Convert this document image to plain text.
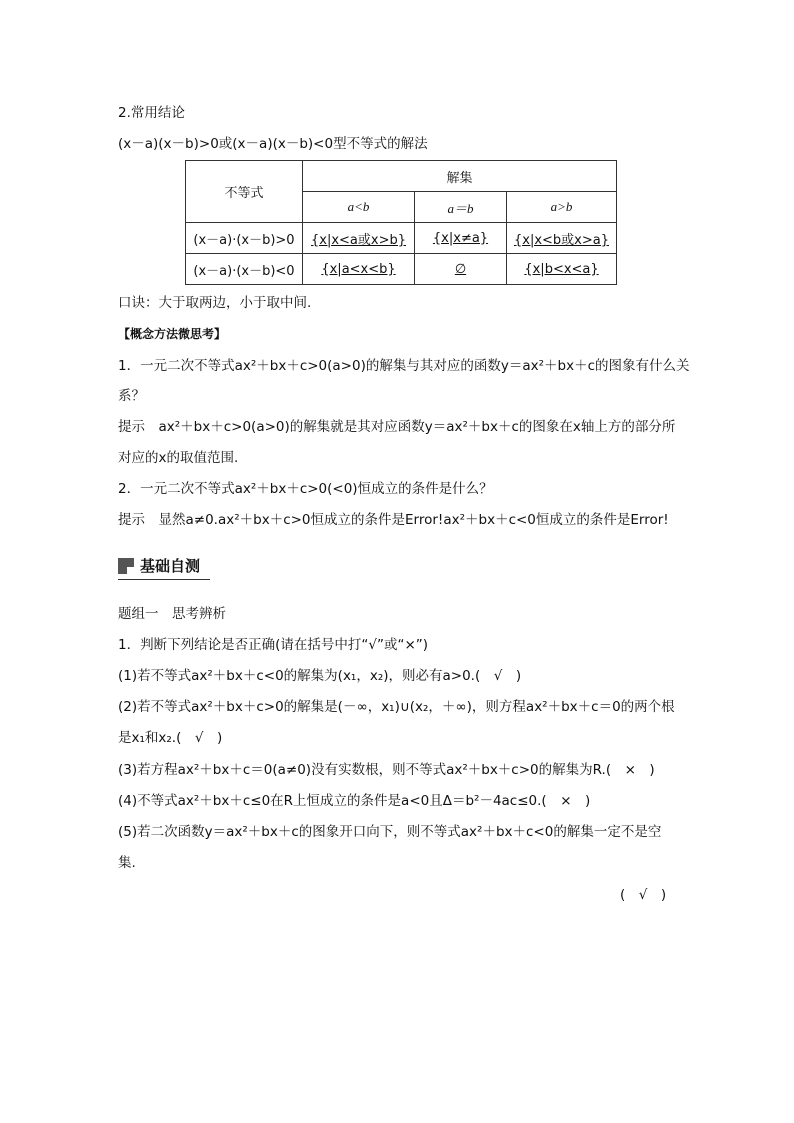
2.常用结论
(x－a)(x－b)>0或(x－a)(x－b)<0型不等式的解法
不等式	解集		
	a<b	a＝b	a>b
(x－a)·(x－b)>0	{x|x<a或x>b}	{x|x≠a}	{x|x<b或x>a}
(x－a)·(x－b)<0	{x|a<x<b}	∅	{x|b<x<a}
口诀：大于取两边，小于取中间.
【概念方法微思考】
1．一元二次不等式ax²＋bx＋c>0(a>0)的解集与其对应的函数y＝ax²＋bx＋c的图象有什么关
系？
提示　ax²＋bx＋c>0(a>0)的解集就是其对应函数y＝ax²＋bx＋c的图象在x轴上方的部分所
对应的x的取值范围.
2．一元二次不等式ax²＋bx＋c>0(<0)恒成立的条件是什么？
提示　显然a≠0.ax²＋bx＋c>0恒成立的条件是Error!ax²＋bx＋c<0恒成立的条件是Error!
基础自测
题组一　思考辨析
1．判断下列结论是否正确(请在括号中打“√”或“×”)
(1)若不等式ax²＋bx＋c<0的解集为(x₁，x₂)，则必有a>0.(　√　)
(2)若不等式ax²＋bx＋c>0的解集是(－∞，x₁)∪(x₂，＋∞)，则方程ax²＋bx＋c＝0的两个根
是x₁和x₂.(　√　)
(3)若方程ax²＋bx＋c＝0(a≠0)没有实数根，则不等式ax²＋bx＋c>0的解集为R.(　×　)
(4)不等式ax²＋bx＋c≤0在R上恒成立的条件是a<0且Δ＝b²－4ac≤0.(　×　)
(5)若二次函数y＝ax²＋bx＋c的图象开口向下，则不等式ax²＋bx＋c<0的解集一定不是空
集.
(　√　)
